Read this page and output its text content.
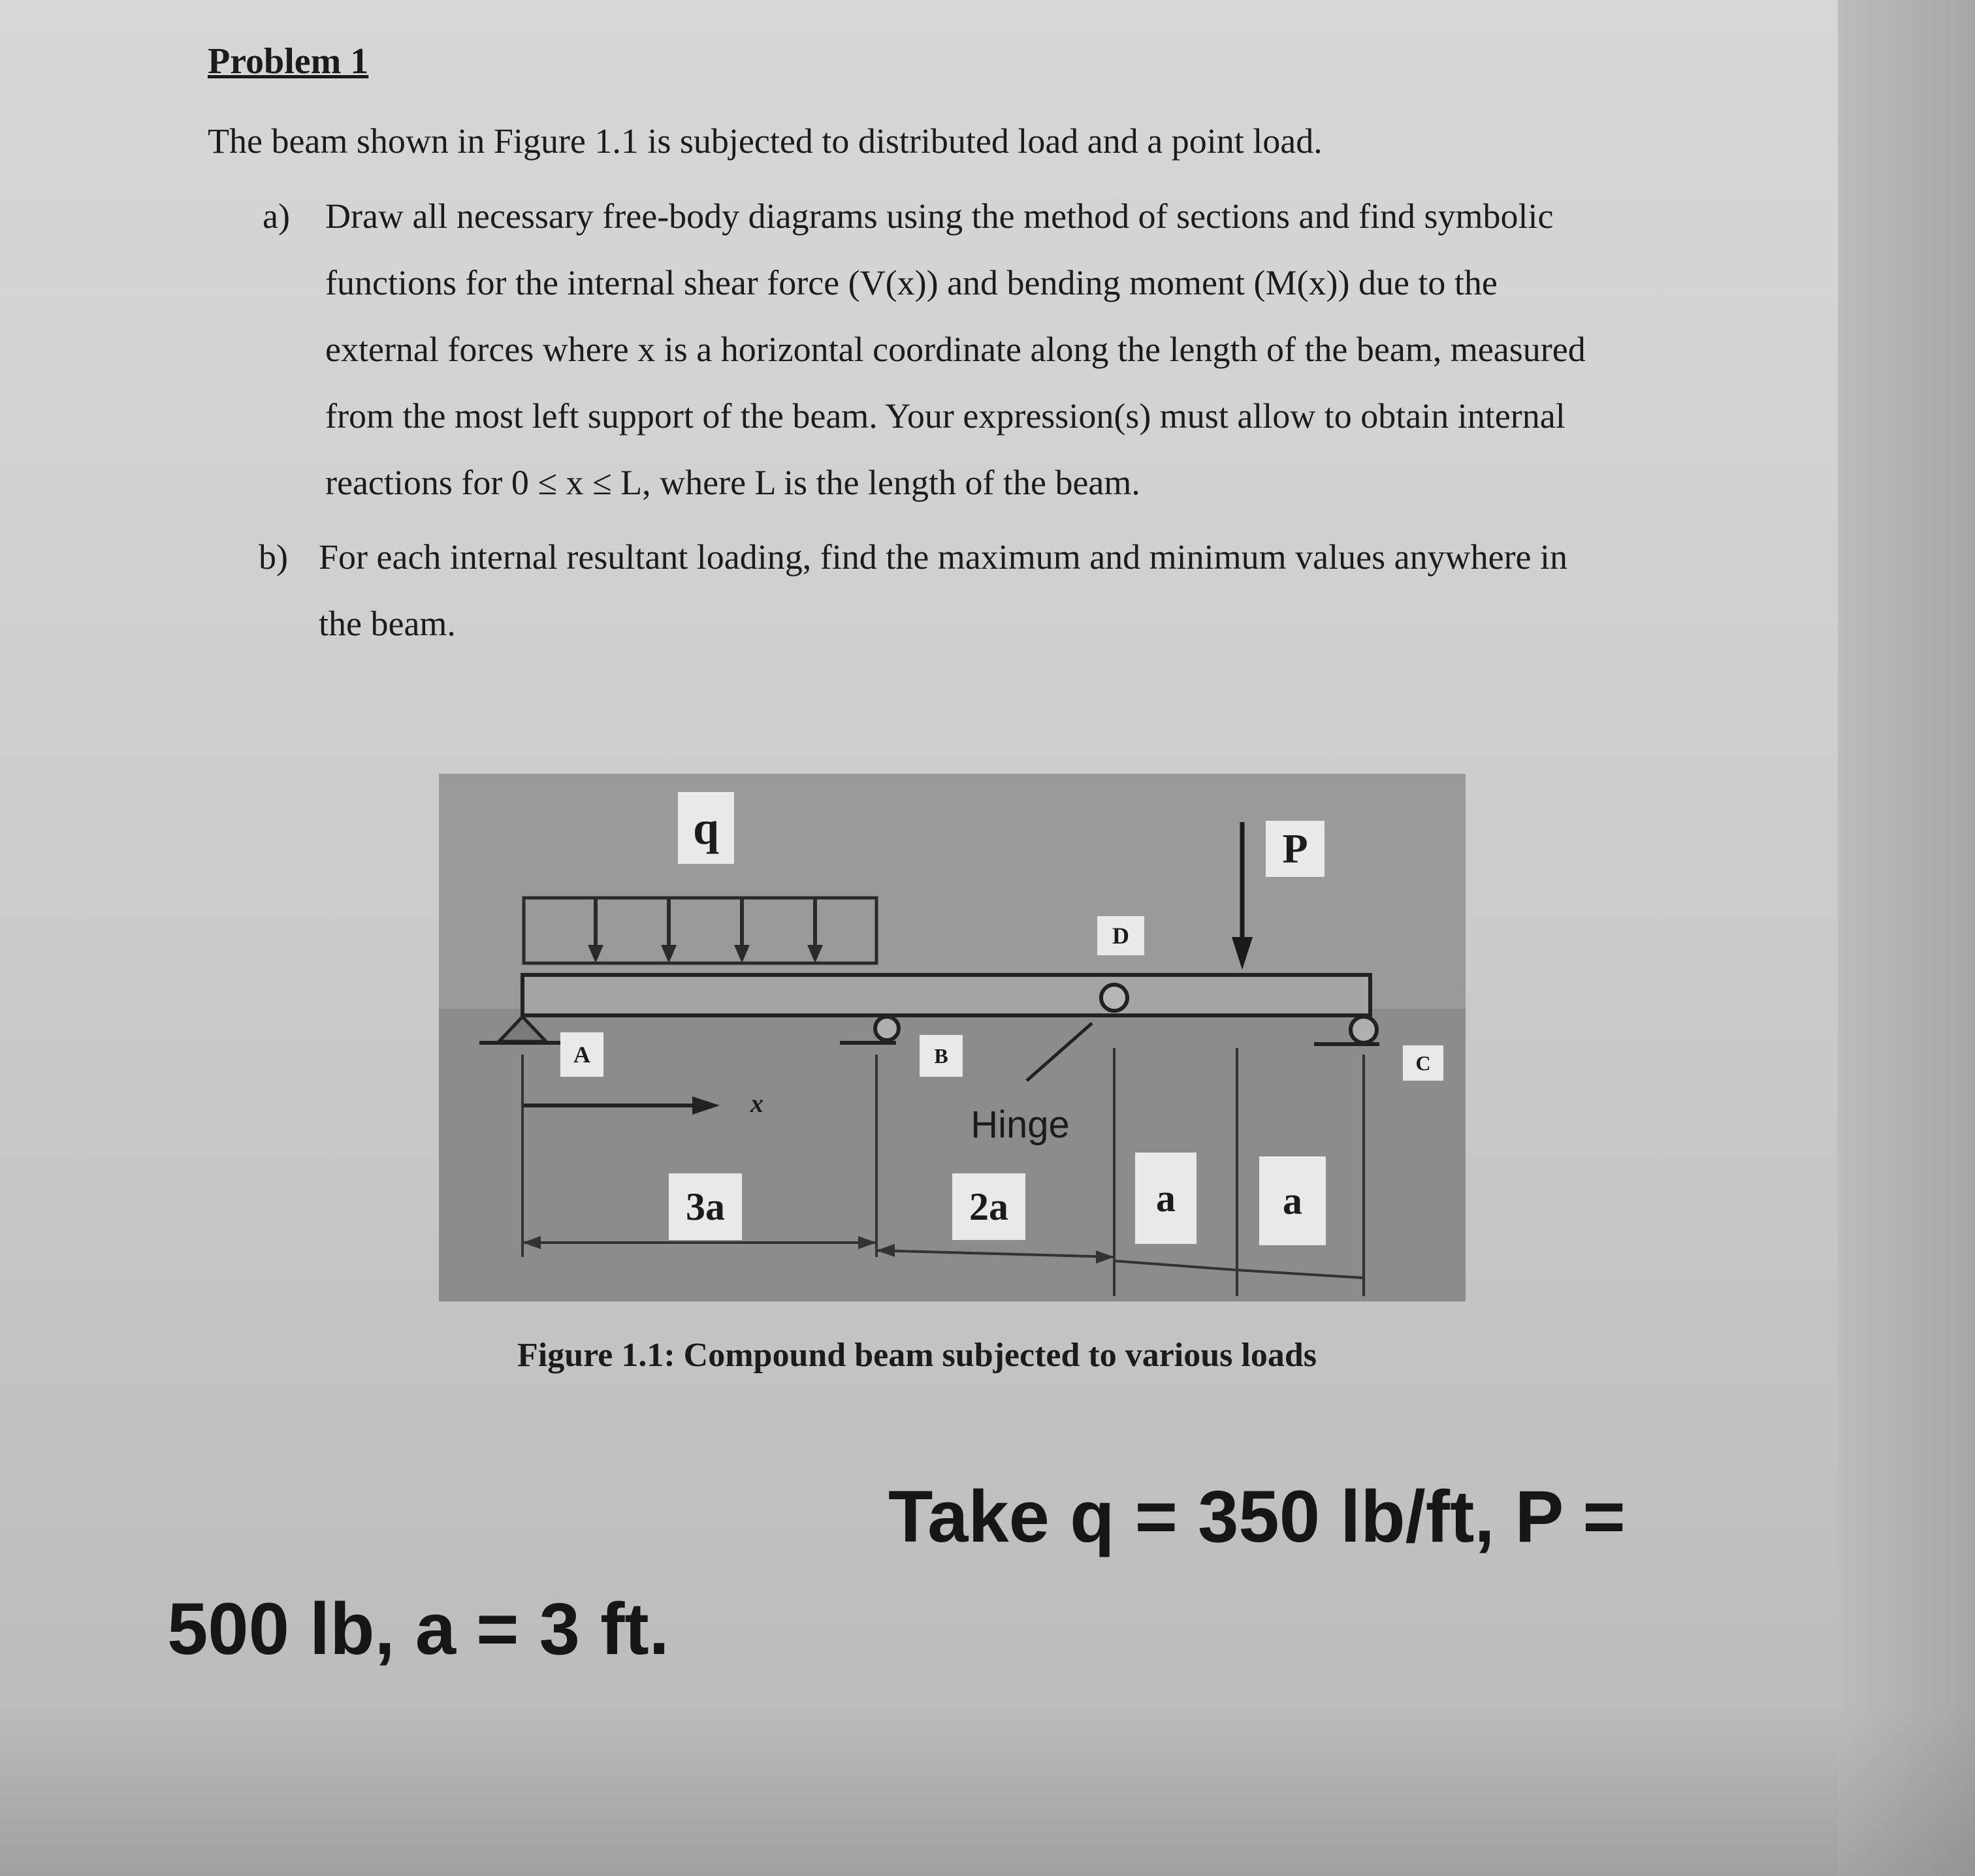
Problem 1
The beam shown in Figure 1.1 is subjected to distributed load and a point load.
a) Draw all necessary free-body diagrams using the method of sections and find symbolic
functions for the internal shear force (V(x)) and bending moment (M(x)) due to the
external forces where x is a horizontal coordinate along the length of the beam, measured
from the most left support of the beam. Your expression(s) must allow to obtain internal
reactions for 0 ≤ x ≤ L, where L is the length of the beam.
b) For each internal resultant loading, find the maximum and minimum values anywhere in
the beam.
q	P
D
A	B	C
x
Hinge
3a	2a	a	a
Figure 1.1: Compound beam subjected to various loads
Take q = 350 lb/ft, P =
500 lb, a = 3 ft.
